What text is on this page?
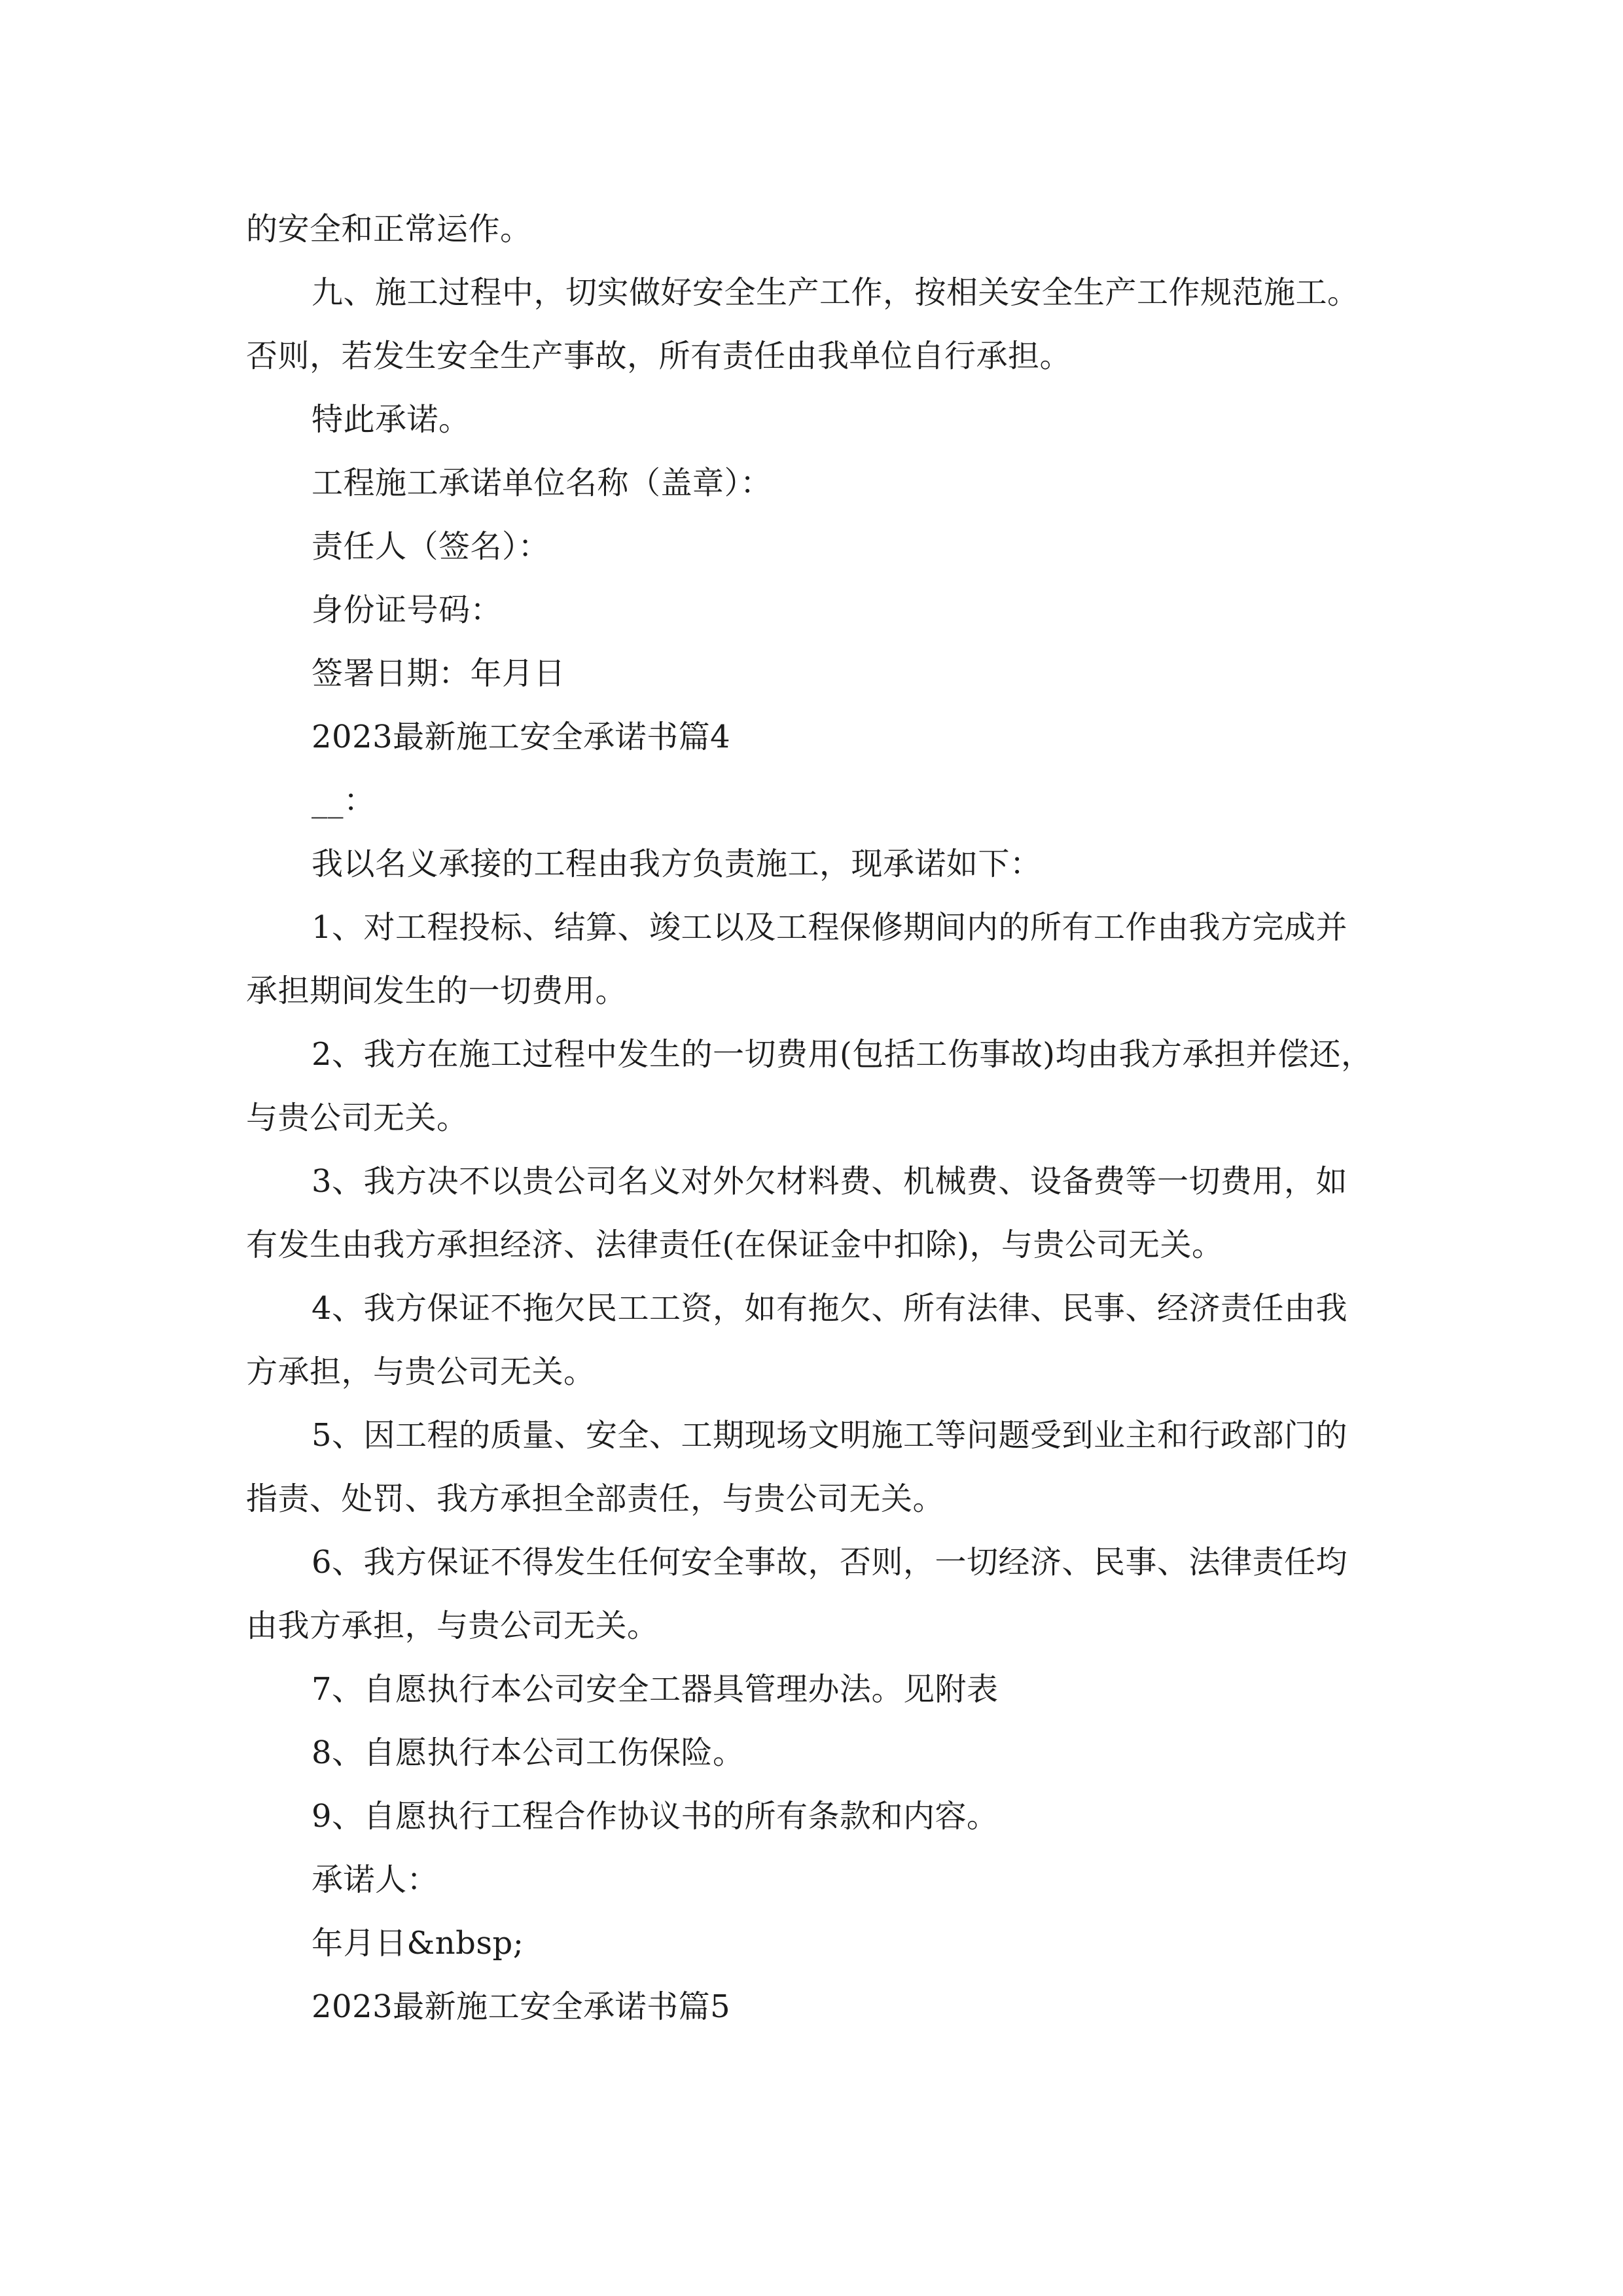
的安全和正常运作。
九、施工过程中，切实做好安全生产工作，按相关安全生产工作规范施工。
否则，若发生安全生产事故，所有责任由我单位自行承担。
特此承诺。
工程施工承诺单位名称（盖章）：
责任人（签名）：
身份证号码：
签署日期：年月日
2023最新施工安全承诺书篇4
__：
我以名义承接的工程由我方负责施工，现承诺如下：
1、对工程投标、结算、竣工以及工程保修期间内的所有工作由我方完成并
承担期间发生的一切费用。
2、我方在施工过程中发生的一切费用(包括工伤事故)均由我方承担并偿还，
与贵公司无关。
3、我方决不以贵公司名义对外欠材料费、机械费、设备费等一切费用，如
有发生由我方承担经济、法律责任(在保证金中扣除)，与贵公司无关。
4、我方保证不拖欠民工工资，如有拖欠、所有法律、民事、经济责任由我
方承担，与贵公司无关。
5、因工程的质量、安全、工期现场文明施工等问题受到业主和行政部门的
指责、处罚、我方承担全部责任，与贵公司无关。
6、我方保证不得发生任何安全事故，否则，一切经济、民事、法律责任均
由我方承担，与贵公司无关。
7、自愿执行本公司安全工器具管理办法。见附表
8、自愿执行本公司工伤保险。
9、自愿执行工程合作协议书的所有条款和内容。
承诺人：
年月日&nbsp;
2023最新施工安全承诺书篇5
